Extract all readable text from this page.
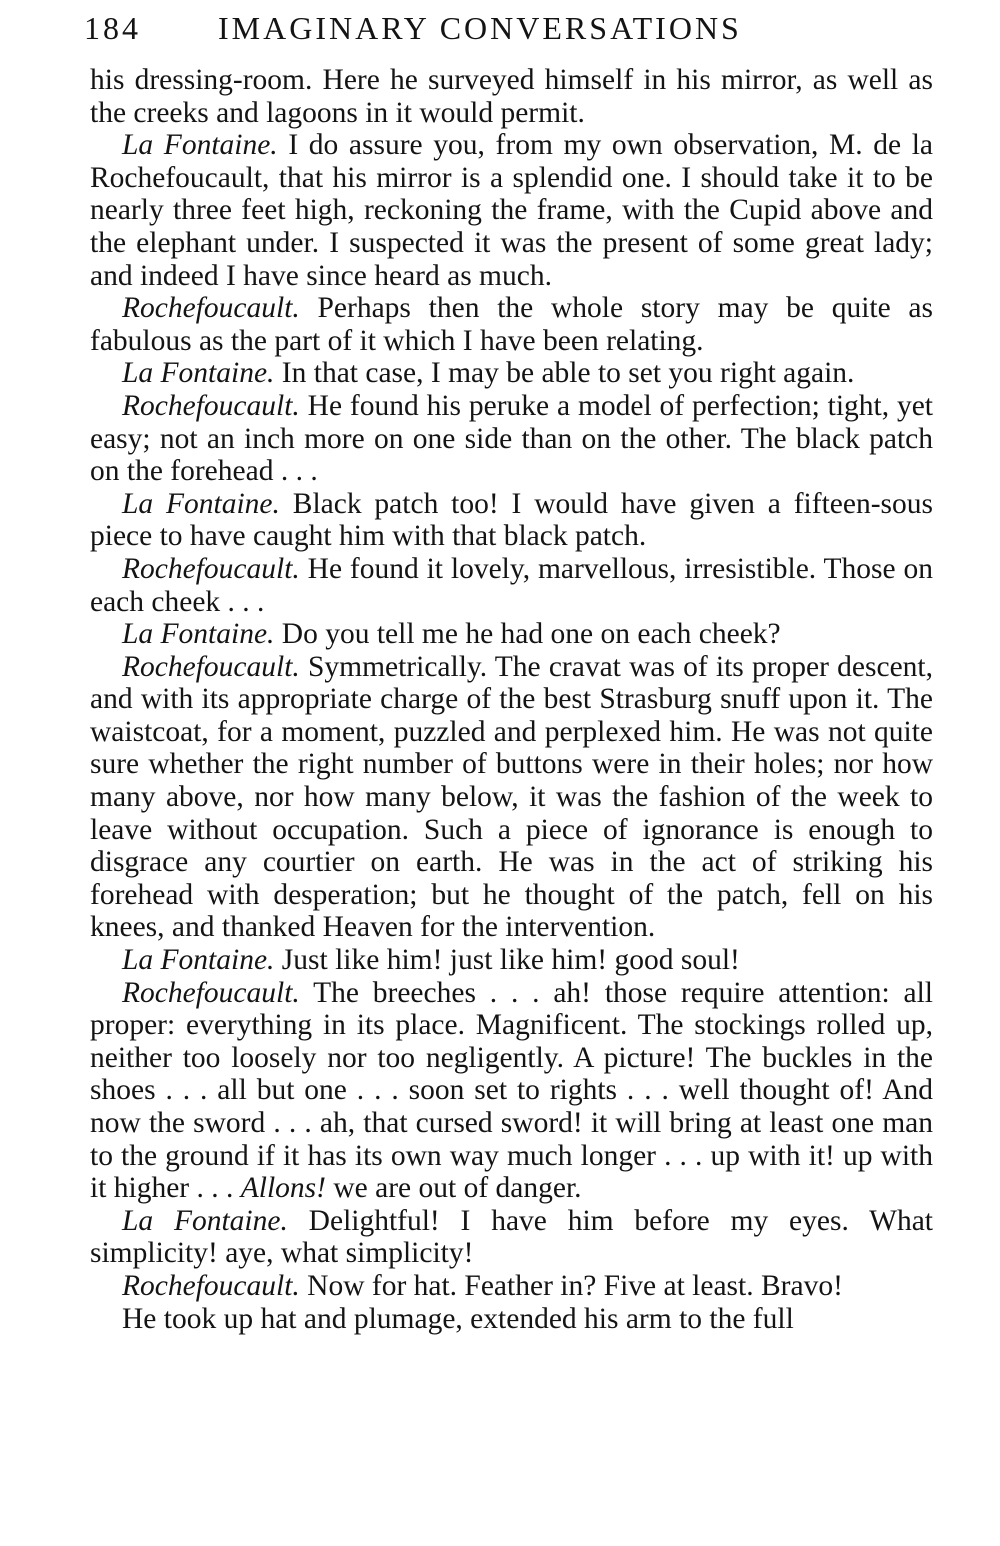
184 IMAGINARY CONVERSATIONS

his dressing-room. Here he surveyed himself in his mirror, as well as the creeks and lagoons in it would permit.

La Fontaine. I do assure you, from my own observation, M. de la Rochefoucault, that his mirror is a splendid one. I should take it to be nearly three feet high, reckoning the frame, with the Cupid above and the elephant under. I suspected it was the present of some great lady; and indeed I have since heard as much.

Rochefoucault. Perhaps then the whole story may be quite as fabulous as the part of it which I have been relating.

La Fontaine. In that case, I may be able to set you right again.

Rochefoucault. He found his peruke a model of perfection; tight, yet easy; not an inch more on one side than on the other. The black patch on the forehead . . .

La Fontaine. Black patch too! I would have given a fifteen-sous piece to have caught him with that black patch.

Rochefoucault. He found it lovely, marvellous, irresistible. Those on each cheek . . .

La Fontaine. Do you tell me he had one on each cheek?

Rochefoucault. Symmetrically. The cravat was of its proper descent, and with its appropriate charge of the best Strasburg snuff upon it. The waistcoat, for a moment, puzzled and perplexed him. He was not quite sure whether the right number of buttons were in their holes; nor how many above, nor how many below, it was the fashion of the week to leave without occupation. Such a piece of ignorance is enough to disgrace any courtier on earth. He was in the act of striking his forehead with desperation; but he thought of the patch, fell on his knees, and thanked Heaven for the intervention.

La Fontaine. Just like him! just like him! good soul!

Rochefoucault. The breeches . . . ah! those require attention: all proper: everything in its place. Magnificent. The stockings rolled up, neither too loosely nor too negligently. A picture! The buckles in the shoes . . . all but one . . . soon set to rights . . . well thought of! And now the sword . . . ah, that cursed sword! it will bring at least one man to the ground if it has its own way much longer . . . up with it! up with it higher . . . Allons! we are out of danger.

La Fontaine. Delightful! I have him before my eyes. What simplicity! aye, what simplicity!

Rochefoucault. Now for hat. Feather in? Five at least. Bravo!

He took up hat and plumage, extended his arm to the full
